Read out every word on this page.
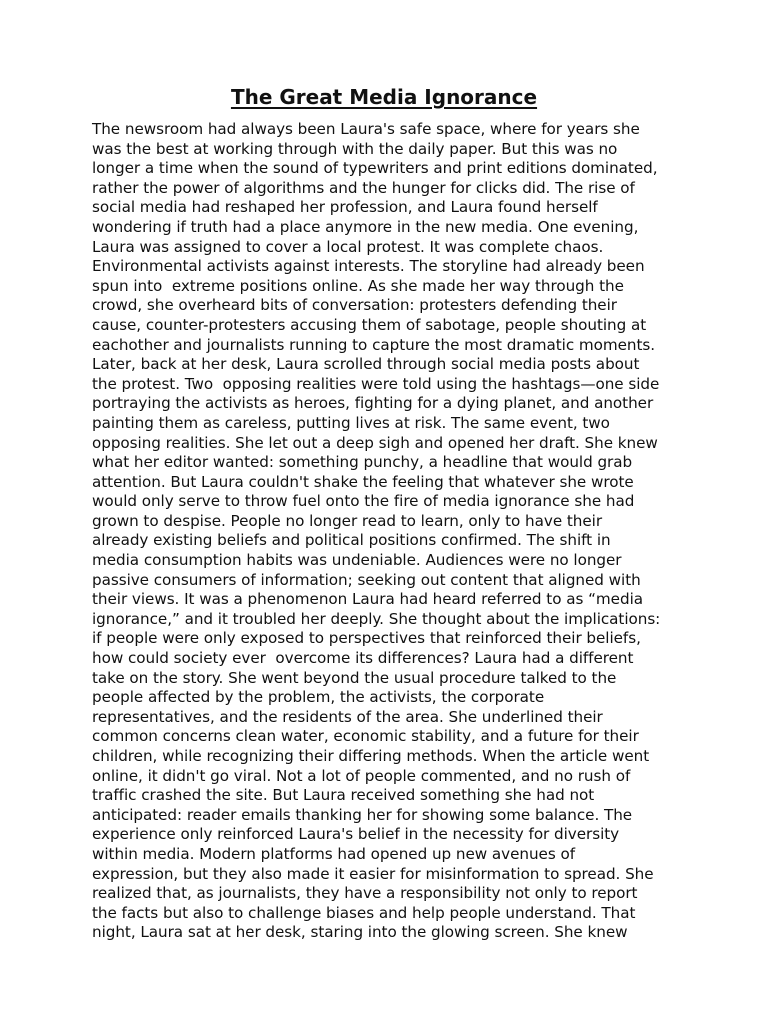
The Great Media Ignorance
The newsroom had always been Laura's safe space, where for years she
was the best at working through with the daily paper. But this was no
longer a time when the sound of typewriters and print editions dominated,
rather the power of algorithms and the hunger for clicks did. The rise of
social media had reshaped her profession, and Laura found herself
wondering if truth had a place anymore in the new media. One evening,
Laura was assigned to cover a local protest. It was complete chaos.
Environmental activists against interests. The storyline had already been
spun into  extreme positions online. As she made her way through the
crowd, she overheard bits of conversation: protesters defending their
cause, counter-protesters accusing them of sabotage, people shouting at
eachother and journalists running to capture the most dramatic moments.
Later, back at her desk, Laura scrolled through social media posts about
the protest. Two  opposing realities were told using the hashtags—one side
portraying the activists as heroes, fighting for a dying planet, and another
painting them as careless, putting lives at risk. The same event, two
opposing realities. She let out a deep sigh and opened her draft. She knew
what her editor wanted: something punchy, a headline that would grab
attention. But Laura couldn't shake the feeling that whatever she wrote
would only serve to throw fuel onto the fire of media ignorance she had
grown to despise. People no longer read to learn, only to have their
already existing beliefs and political positions confirmed. The shift in
media consumption habits was undeniable. Audiences were no longer
passive consumers of information; seeking out content that aligned with
their views. It was a phenomenon Laura had heard referred to as “media
ignorance,” and it troubled her deeply. She thought about the implications:
if people were only exposed to perspectives that reinforced their beliefs,
how could society ever  overcome its differences? Laura had a different
take on the story. She went beyond the usual procedure talked to the
people affected by the problem, the activists, the corporate
representatives, and the residents of the area. She underlined their
common concerns clean water, economic stability, and a future for their
children, while recognizing their differing methods. When the article went
online, it didn't go viral. Not a lot of people commented, and no rush of
traffic crashed the site. But Laura received something she had not
anticipated: reader emails thanking her for showing some balance. The
experience only reinforced Laura's belief in the necessity for diversity
within media. Modern platforms had opened up new avenues of
expression, but they also made it easier for misinformation to spread. She
realized that, as journalists, they have a responsibility not only to report
the facts but also to challenge biases and help people understand. That
night, Laura sat at her desk, staring into the glowing screen. She knew
